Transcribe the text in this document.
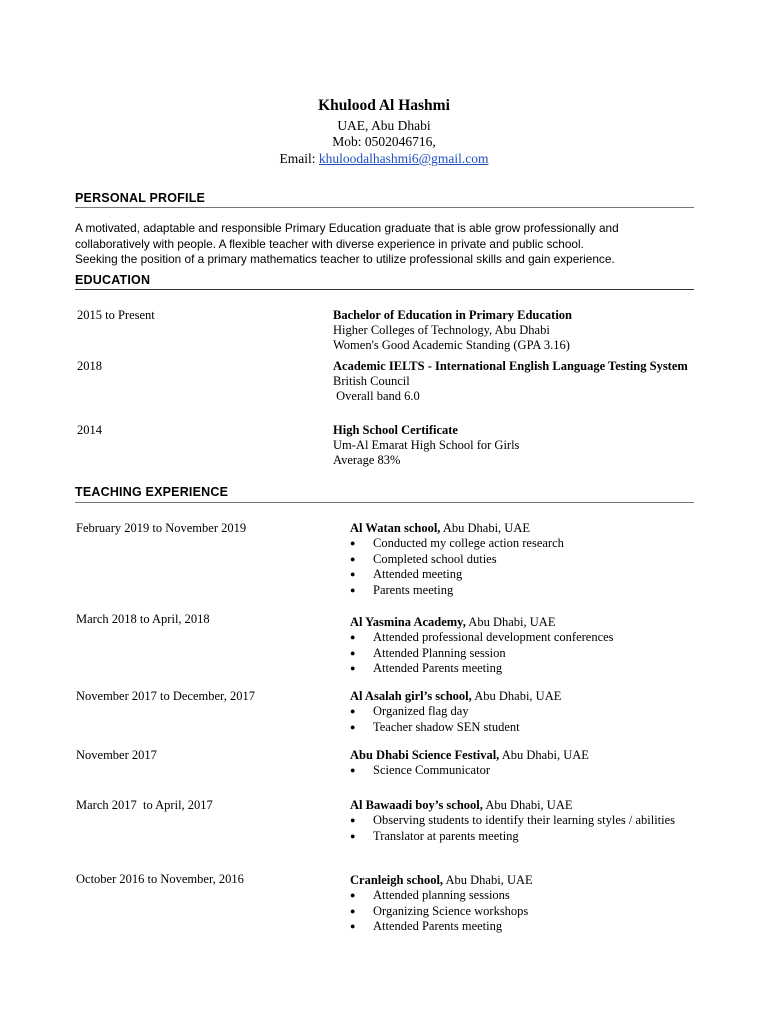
Khulood Al Hashmi
UAE, Abu Dhabi
Mob: 0502046716,
Email: khuloodalhashmi6@gmail.com
PERSONAL PROFILE
A motivated, adaptable and responsible Primary Education graduate that is able grow professionally and
collaboratively with people. A flexible teacher with diverse experience in private and public school.
Seeking the position of a primary mathematics teacher to utilize professional skills and gain experience.
EDUCATION
2015 to Present	Bachelor of Education in Primary Education
Higher Colleges of Technology, Abu Dhabi
Women's Good Academic Standing (GPA 3.16)
2018	Academic IELTS - International English Language Testing System
British Council
Overall band 6.0
2014	High School Certificate
Um-Al Emarat High School for Girls
Average 83%
TEACHING EXPERIENCE
February 2019 to November 2019	Al Watan school, Abu Dhabi, UAE
● Conducted my college action research
● Completed school duties
● Attended meeting
● Parents meeting
March 2018 to April, 2018	Al Yasmina Academy, Abu Dhabi, UAE
● Attended professional development conferences
● Attended Planning session
● Attended Parents meeting
November 2017 to December, 2017	Al Asalah girl’s school, Abu Dhabi, UAE
● Organized flag day
● Teacher shadow SEN student
November 2017	Abu Dhabi Science Festival, Abu Dhabi, UAE
● Science Communicator
March 2017  to April, 2017	Al Bawaadi boy’s school, Abu Dhabi, UAE
● Observing students to identify their learning styles / abilities
● Translator at parents meeting
October 2016 to November, 2016	Cranleigh school, Abu Dhabi, UAE
● Attended planning sessions
● Organizing Science workshops
● Attended Parents meeting
